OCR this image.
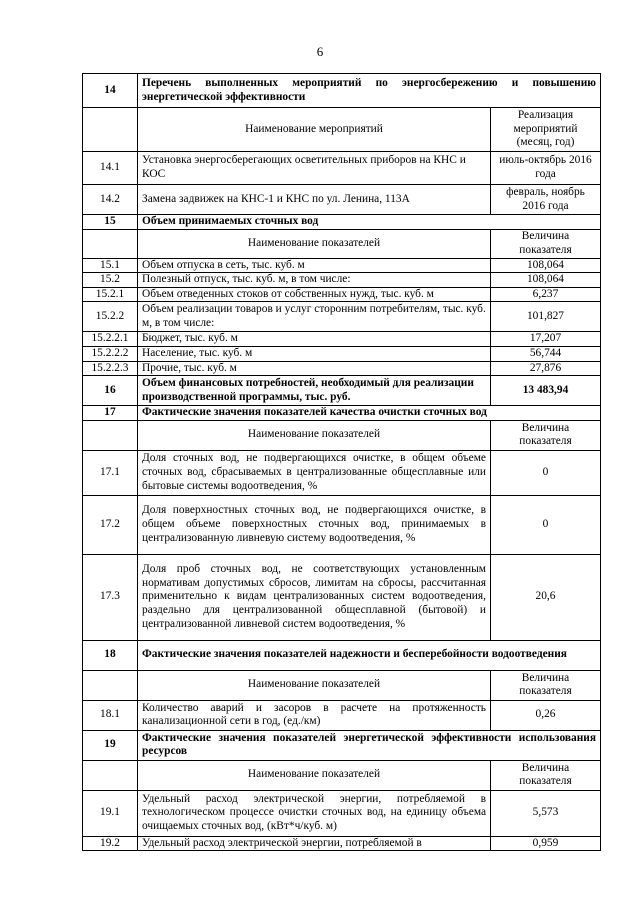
6
14	Перечень выполненных мероприятий по энергосбережению и повышению энергетической эффективности	
	Наименование мероприятий	Реализация мероприятий (месяц, год)
14.1	Установка энергосберегающих осветительных приборов на КНС и КОС	июль-октябрь 2016 года
14.2	Замена задвижек на КНС-1 и КНС по ул. Ленина, 113А	февраль, ноябрь 2016 года
15	Объем принимаемых сточных вод	
	Наименование показателей	Величина показателя
15.1	Объем отпуска в сеть, тыс. куб. м	108,064
15.2	Полезный отпуск, тыс. куб. м, в том числе:	108,064
15.2.1	Объем отведенных стоков от собственных нужд, тыс. куб. м	6,237
15.2.2	Объем реализации товаров и услуг сторонним потребителям, тыс. куб. м, в том числе:	101,827
15.2.2.1	Бюджет, тыс. куб. м	17,207
15.2.2.2	Население, тыс. куб. м	56,744
15.2.2.3	Прочие, тыс. куб. м	27,876
16	Объем финансовых потребностей, необходимый для реализации производственной программы, тыс. руб.	13 483,94
17	Фактические значения показателей качества очистки сточных вод	
	Наименование показателей	Величина показателя
17.1	Доля сточных вод, не подвергающихся очистке, в общем объеме сточных вод, сбрасываемых в централизованные общесплавные или бытовые системы водоотведения, %	0
17.2	Доля поверхностных сточных вод, не подвергающихся очистке, в общем объеме поверхностных сточных вод, принимаемых в централизованную ливневую систему водоотведения, %	0
17.3	Доля проб сточных вод, не соответствующих установленным нормативам допустимых сбросов, лимитам на сбросы, рассчитанная применительно к видам централизованных систем водоотведения, раздельно для централизованной общесплавной (бытовой) и централизованной ливневой систем водоотведения, %	20,6
18	Фактические значения показателей надежности и бесперебойности водоотведения	
	Наименование показателей	Величина показателя
18.1	Количество аварий и засоров в расчете на протяженность канализационной сети в год, (ед./км)	0,26
19	Фактические значения показателей энергетической эффективности использования ресурсов	
	Наименование показателей	Величина показателя
19.1	Удельный расход электрической энергии, потребляемой в технологическом процессе очистки сточных вод, на единицу объема очищаемых сточных вод, (кВт*ч/куб. м)	5,573
19.2	Удельный расход электрической энергии, потребляемой в	0,959
